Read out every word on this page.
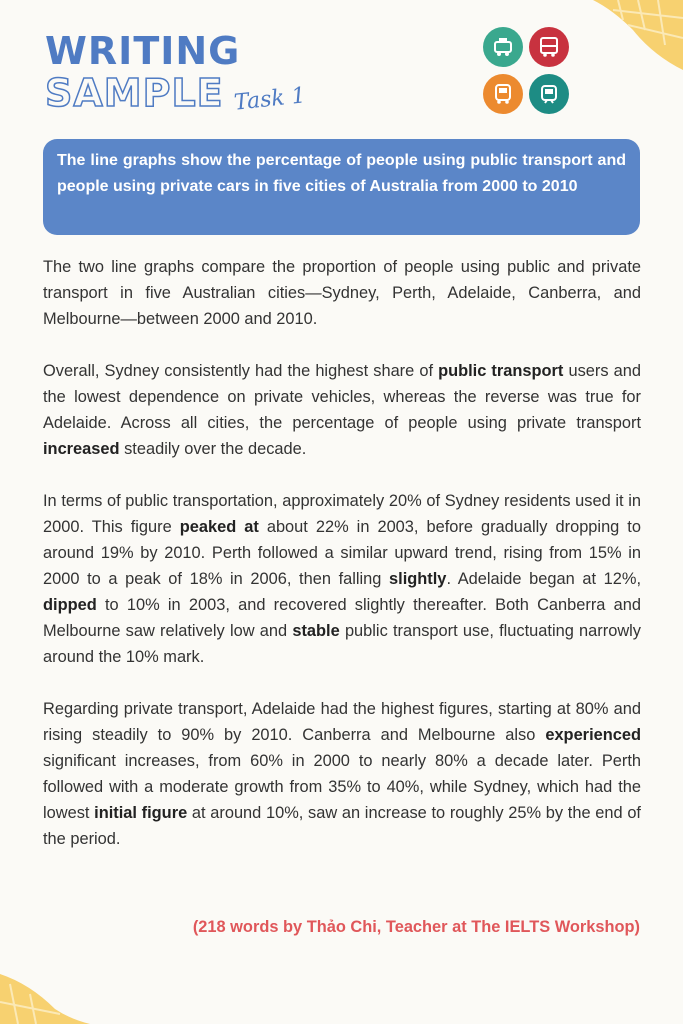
WRITING
SAMPLE Task 1
The line graphs show the percentage of people using public transport and people using private cars in five cities of Australia from 2000 to 2010

The two line graphs compare the proportion of people using public and private transport in five Australian cities—Sydney, Perth, Adelaide, Canberra, and Melbourne—between 2000 and 2010.

Overall, Sydney consistently had the highest share of public transport users and the lowest dependence on private vehicles, whereas the reverse was true for Adelaide. Across all cities, the percentage of people using private transport increased steadily over the decade.

In terms of public transportation, approximately 20% of Sydney residents used it in 2000. This figure peaked at about 22% in 2003, before gradually dropping to around 19% by 2010. Perth followed a similar upward trend, rising from 15% in 2000 to a peak of 18% in 2006, then falling slightly. Adelaide began at 12%, dipped to 10% in 2003, and recovered slightly thereafter. Both Canberra and Melbourne saw relatively low and stable public transport use, fluctuating narrowly around the 10% mark.

Regarding private transport, Adelaide had the highest figures, starting at 80% and rising steadily to 90% by 2010. Canberra and Melbourne also experienced significant increases, from 60% in 2000 to nearly 80% a decade later. Perth followed with a moderate growth from 35% to 40%, while Sydney, which had the lowest initial figure at around 10%, saw an increase to roughly 25% by the end of the period.

(218 words by Thảo Chi, Teacher at The IELTS Workshop)
